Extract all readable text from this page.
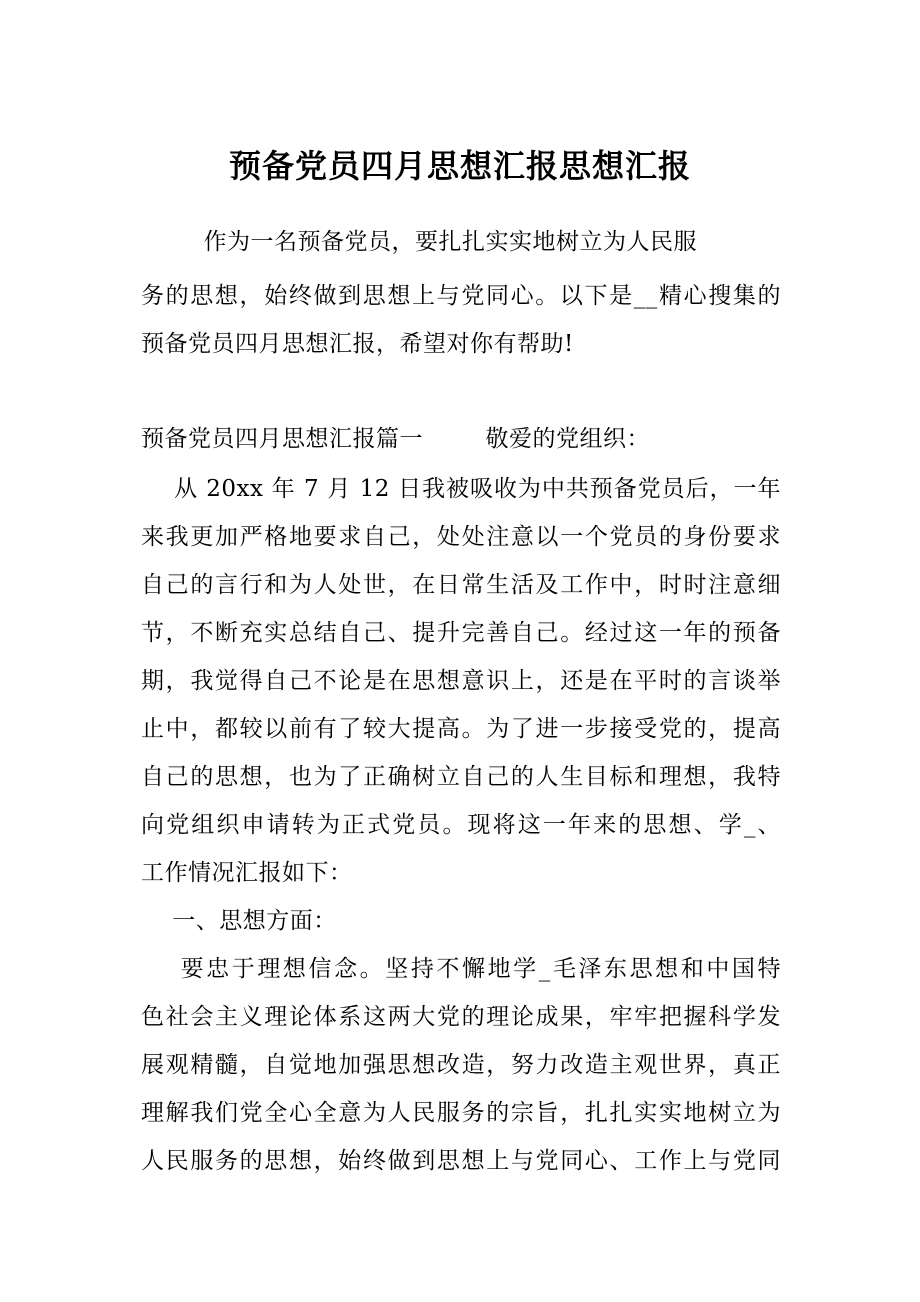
预备党员四月思想汇报思想汇报
作为一名预备党员，要扎扎实实地树立为人民服
务的思想，始终做到思想上与党同心。以下是__精心搜集的
预备党员四月思想汇报，希望对你有帮助!
预备党员四月思想汇报篇一        敬爱的党组织：
从 20xx 年 7 月 12 日我被吸收为中共预备党员后，一年
来我更加严格地要求自己，处处注意以一个党员的身份要求
自己的言行和为人处世，在日常生活及工作中，时时注意细
节，不断充实总结自己、提升完善自己。经过这一年的预备
期，我觉得自己不论是在思想意识上，还是在平时的言谈举
止中，都较以前有了较大提高。为了进一步接受党的，提高
自己的思想，也为了正确树立自己的人生目标和理想，我特
向党组织申请转为正式党员。现将这一年来的思想、学_、
工作情况汇报如下：
一、思想方面：
要忠于理想信念。坚持不懈地学_毛泽东思想和中国特
色社会主义理论体系这两大党的理论成果，牢牢把握科学发
展观精髓，自觉地加强思想改造，努力改造主观世界，真正
理解我们党全心全意为人民服务的宗旨，扎扎实实地树立为
人民服务的思想，始终做到思想上与党同心、工作上与党同
